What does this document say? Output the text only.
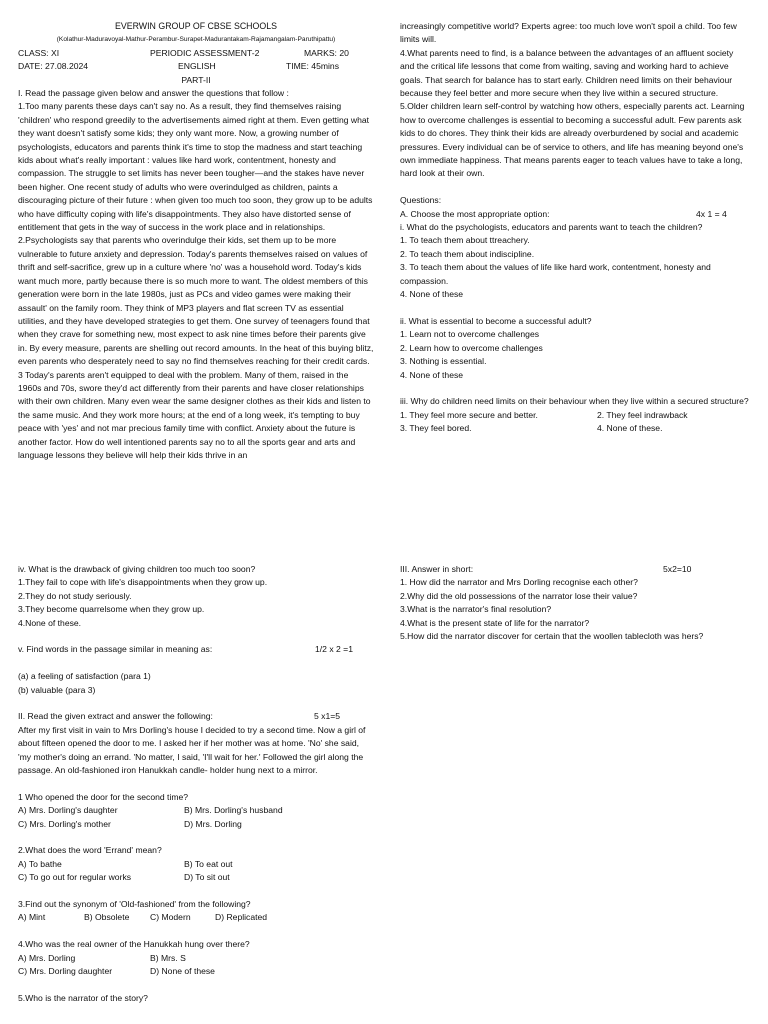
EVERWIN GROUP OF CBSE SCHOOLS

(Kolathur-Maduravoyal-Mathur-Perambur-Surapet-Madurantakam-Rajamangalam-Paruthipattu)

CLASS: XI	PERIODIC ASSESSMENT-2	MARKS: 20
DATE: 27.08.2024	ENGLISH	TIME: 45mins

PART-II

I. Read the passage given below and answer the questions that follow :

1.Too many parents these days can't say no. As a result, they find themselves raising 'children' who respond greedily to the advertisements aimed right at them. Even getting what they want doesn't satisfy some kids; they only want more. Now, a growing number of psychologists, educators and parents think it's time to stop the madness and start teaching kids about what's really important : values like hard work, contentment, honesty and compassion. The struggle to set limits has never been tougher—and the stakes have never been higher. One recent study of adults who were overindulged as children, paints a discouraging picture of their future : when given too much too soon, they grow up to be adults who have difficulty coping with life's disappointments. They also have distorted sense of entitlement that gets in the way of success in the work place and in relationships.

2.Psychologists say that parents who overindulge their kids, set them up to be more vulnerable to future anxiety and depression. Today's parents themselves raised on values of thrift and self-sacrifice, grew up in a culture where 'no' was a household word. Today's kids want much more, partly because there is so much more to want. The oldest members of this generation were born in the late 1980s, just as PCs and video games were making their assault' on the family room. They think of MP3 players and flat screen TV as essential utilities, and they have developed strategies to get them. One survey of teenagers found that when they crave for something new, most expect to ask nine times before their parents give in. By every measure, parents are shelling out record amounts. In the heat of this buying blitz, even parents who desperately need to say no find themselves reaching for their credit cards.

3 Today's parents aren't equipped to deal with the problem. Many of them, raised in the 1960s and 70s, swore they'd act differently from their parents and have closer relationships with their own children. Many even wear the same designer clothes as their kids and listen to the same music. And they work more hours; at the end of a long week, it's tempting to buy peace with 'yes' and not mar precious family time with conflict. Anxiety about the future is another factor. How do well intentioned parents say no to all the sports gear and arts and language lessons they believe will help their kids thrive in an

increasingly competitive world? Experts agree: too much love won't spoil a child. Too few limits will.

4.What parents need to find, is a balance between the advantages of an affluent society and the critical life lessons that come from waiting, saving and working hard to achieve goals. That search for balance has to start early. Children need limits on their behaviour because they feel better and more secure when they live within a secured structure.

5.Older children learn self-control by watching how others, especially parents act. Learning how to overcome challenges is essential to becoming a successful adult. Few parents ask kids to do chores. They think their kids are already overburdened by social and academic pressures. Every individual can be of service to others, and life has meaning beyond one's own immediate happiness. That means parents eager to teach values have to take a long, hard look at their own.

Questions:

A. Choose the most appropriate option:	4x 1 = 4

i. What do the psychologists, educators and parents want to teach the children?

1. To teach them about ttreachery.

2. To teach them about indiscipline.

3. To teach them about the values of life like hard work, contentment, honesty and compassion.

4. None of these

ii. What is essential to become a successful adult?

1. Learn not to overcome challenges

2. Learn how to overcome challenges

3. Nothing is essential.

4. None of these

iii. Why do children need limits on their behaviour when they live within a secured structure?

1. They feel more secure and better.	2. They feel indrawback
3. They feel bored.	4. None of these.

iv. What is the drawback of giving children too much too soon?

1.They fail to cope with life's disappointments when they grow up.

2.They do not study seriously.

3.They become quarrelsome when they grow up.

4.None of these.

v. Find words in the passage similar in meaning as:	1/2 x 2 =1

(a) a feeling of satisfaction (para 1)

(b) valuable (para 3)

II. Read the given extract and answer the following:	5 x1=5

After my first visit in vain to Mrs Dorling's house I decided to try a second time. Now a girl of about fifteen opened the door to me. I asked her if her mother was at home. 'No' she said, 'my mother's doing an errand. 'No matter, I said, 'I'll wait for her.' Followed the girl along the passage. An old-fashioned iron Hanukkah candle- holder hung next to a mirror.

1 Who opened the door for the second time?

A) Mrs. Dorling's daughter	B) Mrs. Dorling's husband
C) Mrs. Dorling's mother	D) Mrs. Dorling

2.What does the word 'Errand' mean?

A) To bathe	B) To eat out
C) To go out for regular works	D) To sit out

3.Find out the synonym of 'Old-fashioned' from the following?

A) Mint	B) Obsolete C) Modern	D) Replicated

4.Who was the real owner of the Hanukkah hung over there?

A) Mrs. Dorling	B) Mrs. S
C) Mrs. Dorling daughter	D) None of these

5.Who is the narrator of the story?

III. Answer in short:	5x2=10

1. How did the narrator and Mrs Dorling recognise each other?

2.Why did the old possessions of the narrator lose their value?

3.What is the narrator's final resolution?

4.What is the present state of life for the narrator?

5.How did the narrator discover for certain that the woollen tablecloth was hers?
